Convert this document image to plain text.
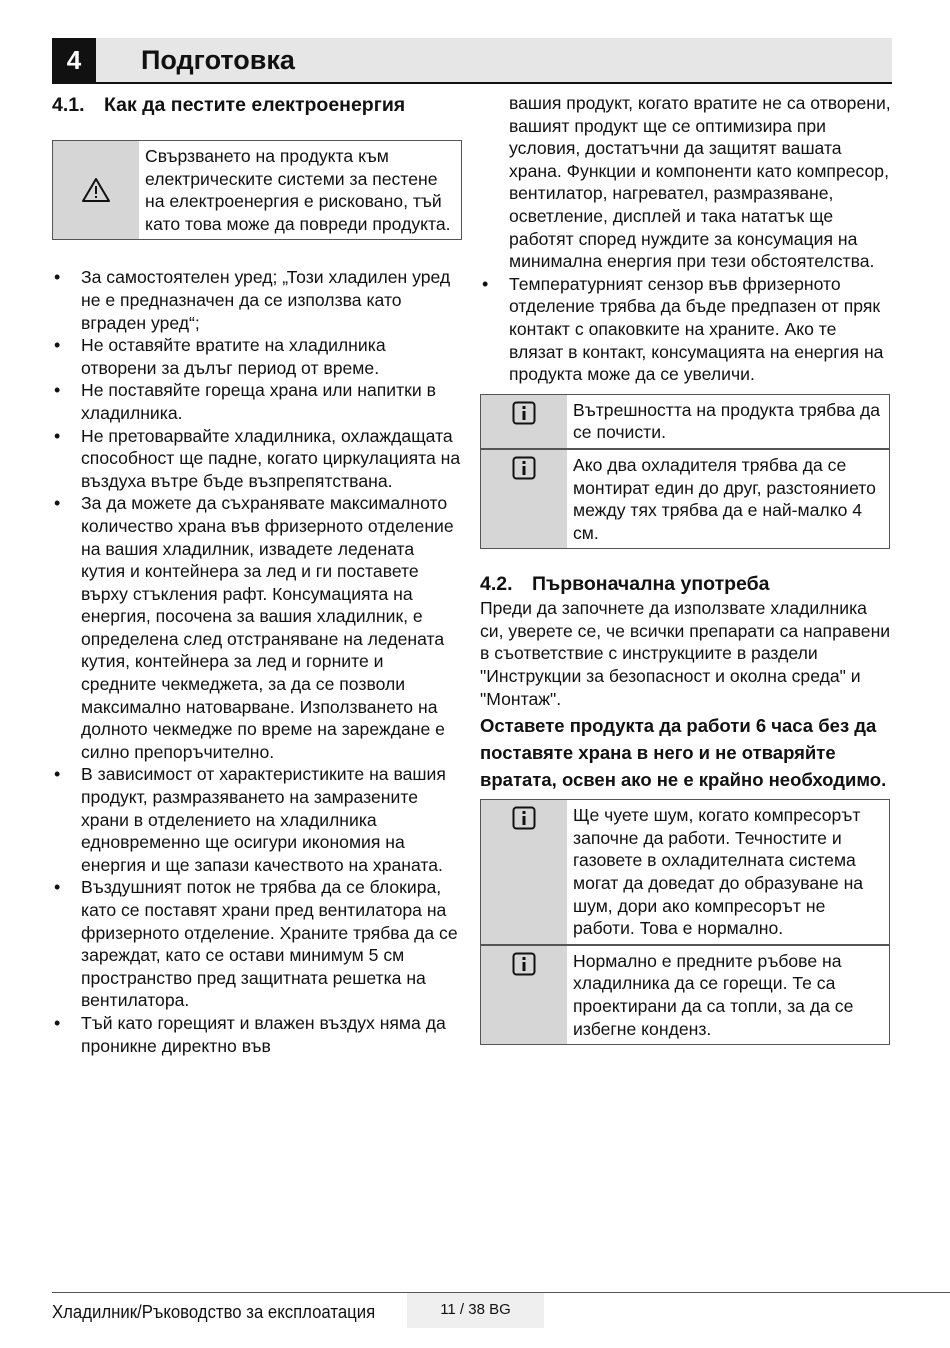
4	Подготовка
4.1. Как да пестите електроенергия
Свързването на продукта към електрическите системи за пестене на електроенергия е рисковано, тъй като това може да повреди продукта.
• За самостоятелен уред; „Този хладилен уред не е предназначен да се използва като вграден уред“;
• Не оставяйте вратите на хладилника отворени за дълъг период от време.
• Не поставяйте гореща храна или напитки в хладилника.
• Не претоварвайте хладилника, охлаждащата способност ще падне, когато циркулацията на въздуха вътре бъде възпрепятствана.
• За да можете да съхранявате максималното количество храна във фризерното отделение на вашия хладилник, извадете ледената кутия и контейнера за лед и ги поставете върху стъкления рафт. Консумацията на енергия, посочена за вашия хладилник, е определена след отстраняване на ледената кутия, контейнера за лед и горните и средните чекмеджета, за да се позволи максимално натоварване. Използването на долното чекмедже по време на зареждане е силно препоръчително.
• В зависимост от характеристиките на вашия продукт, размразяването на замразените храни в отделението на хладилника едновременно ще осигури икономия на енергия и ще запази качеството на храната.
• Въздушният поток не трябва да се блокира, като се поставят храни пред вентилатора на фризерното отделение. Храните трябва да се зареждат, като се остави минимум 5 см пространство пред защитната решетка на вентилатора.
• Тъй като горещият и влажен въздух няма да проникне директно във

вашия продукт, когато вратите не са отворени, вашият продукт ще се оптимизира при условия, достатъчни да защитят вашата храна. Функции и компоненти като компресор, вентилатор, нагревател, размразяване, осветление, дисплей и така нататък ще работят според нуждите за консумация на минимална енергия при тези обстоятелства.

• Температурният сензор във фризерното отделение трябва да бъде предпазен от пряк контакт с опаковките на храните. Ако те влязат в контакт, консумацията на енергия на продукта може да се увеличи.
Вътрешността на продукта трябва да се почисти.
Ако два охладителя трябва да се монтират един до друг, разстоянието между тях трябва да е най-малко 4 см.
4.2. Първоначална употреба

Преди да започнете да използвате хладилника си, уверете се, че всички препарати са направени в съответствие с инструкциите в раздели "Инструкции за безопасност и околна среда" и "Монтаж".

Оставете продукта да работи 6 часа без да поставяте храна в него и не отваряйте вратата, освен ако не е крайно необходимо.

Ще чуете шум, когато компресорът започне да работи. Течностите и газовете в охладителната система могат да доведат до образуване на шум, дори ако компресорът не работи. Това е нормално.
Нормално е предните ръбове на хладилника да се горещи. Те са проектирани да са топли, за да се избегне конденз.
Хладилник/Ръководство за експлоатация	11 / 38 BG
